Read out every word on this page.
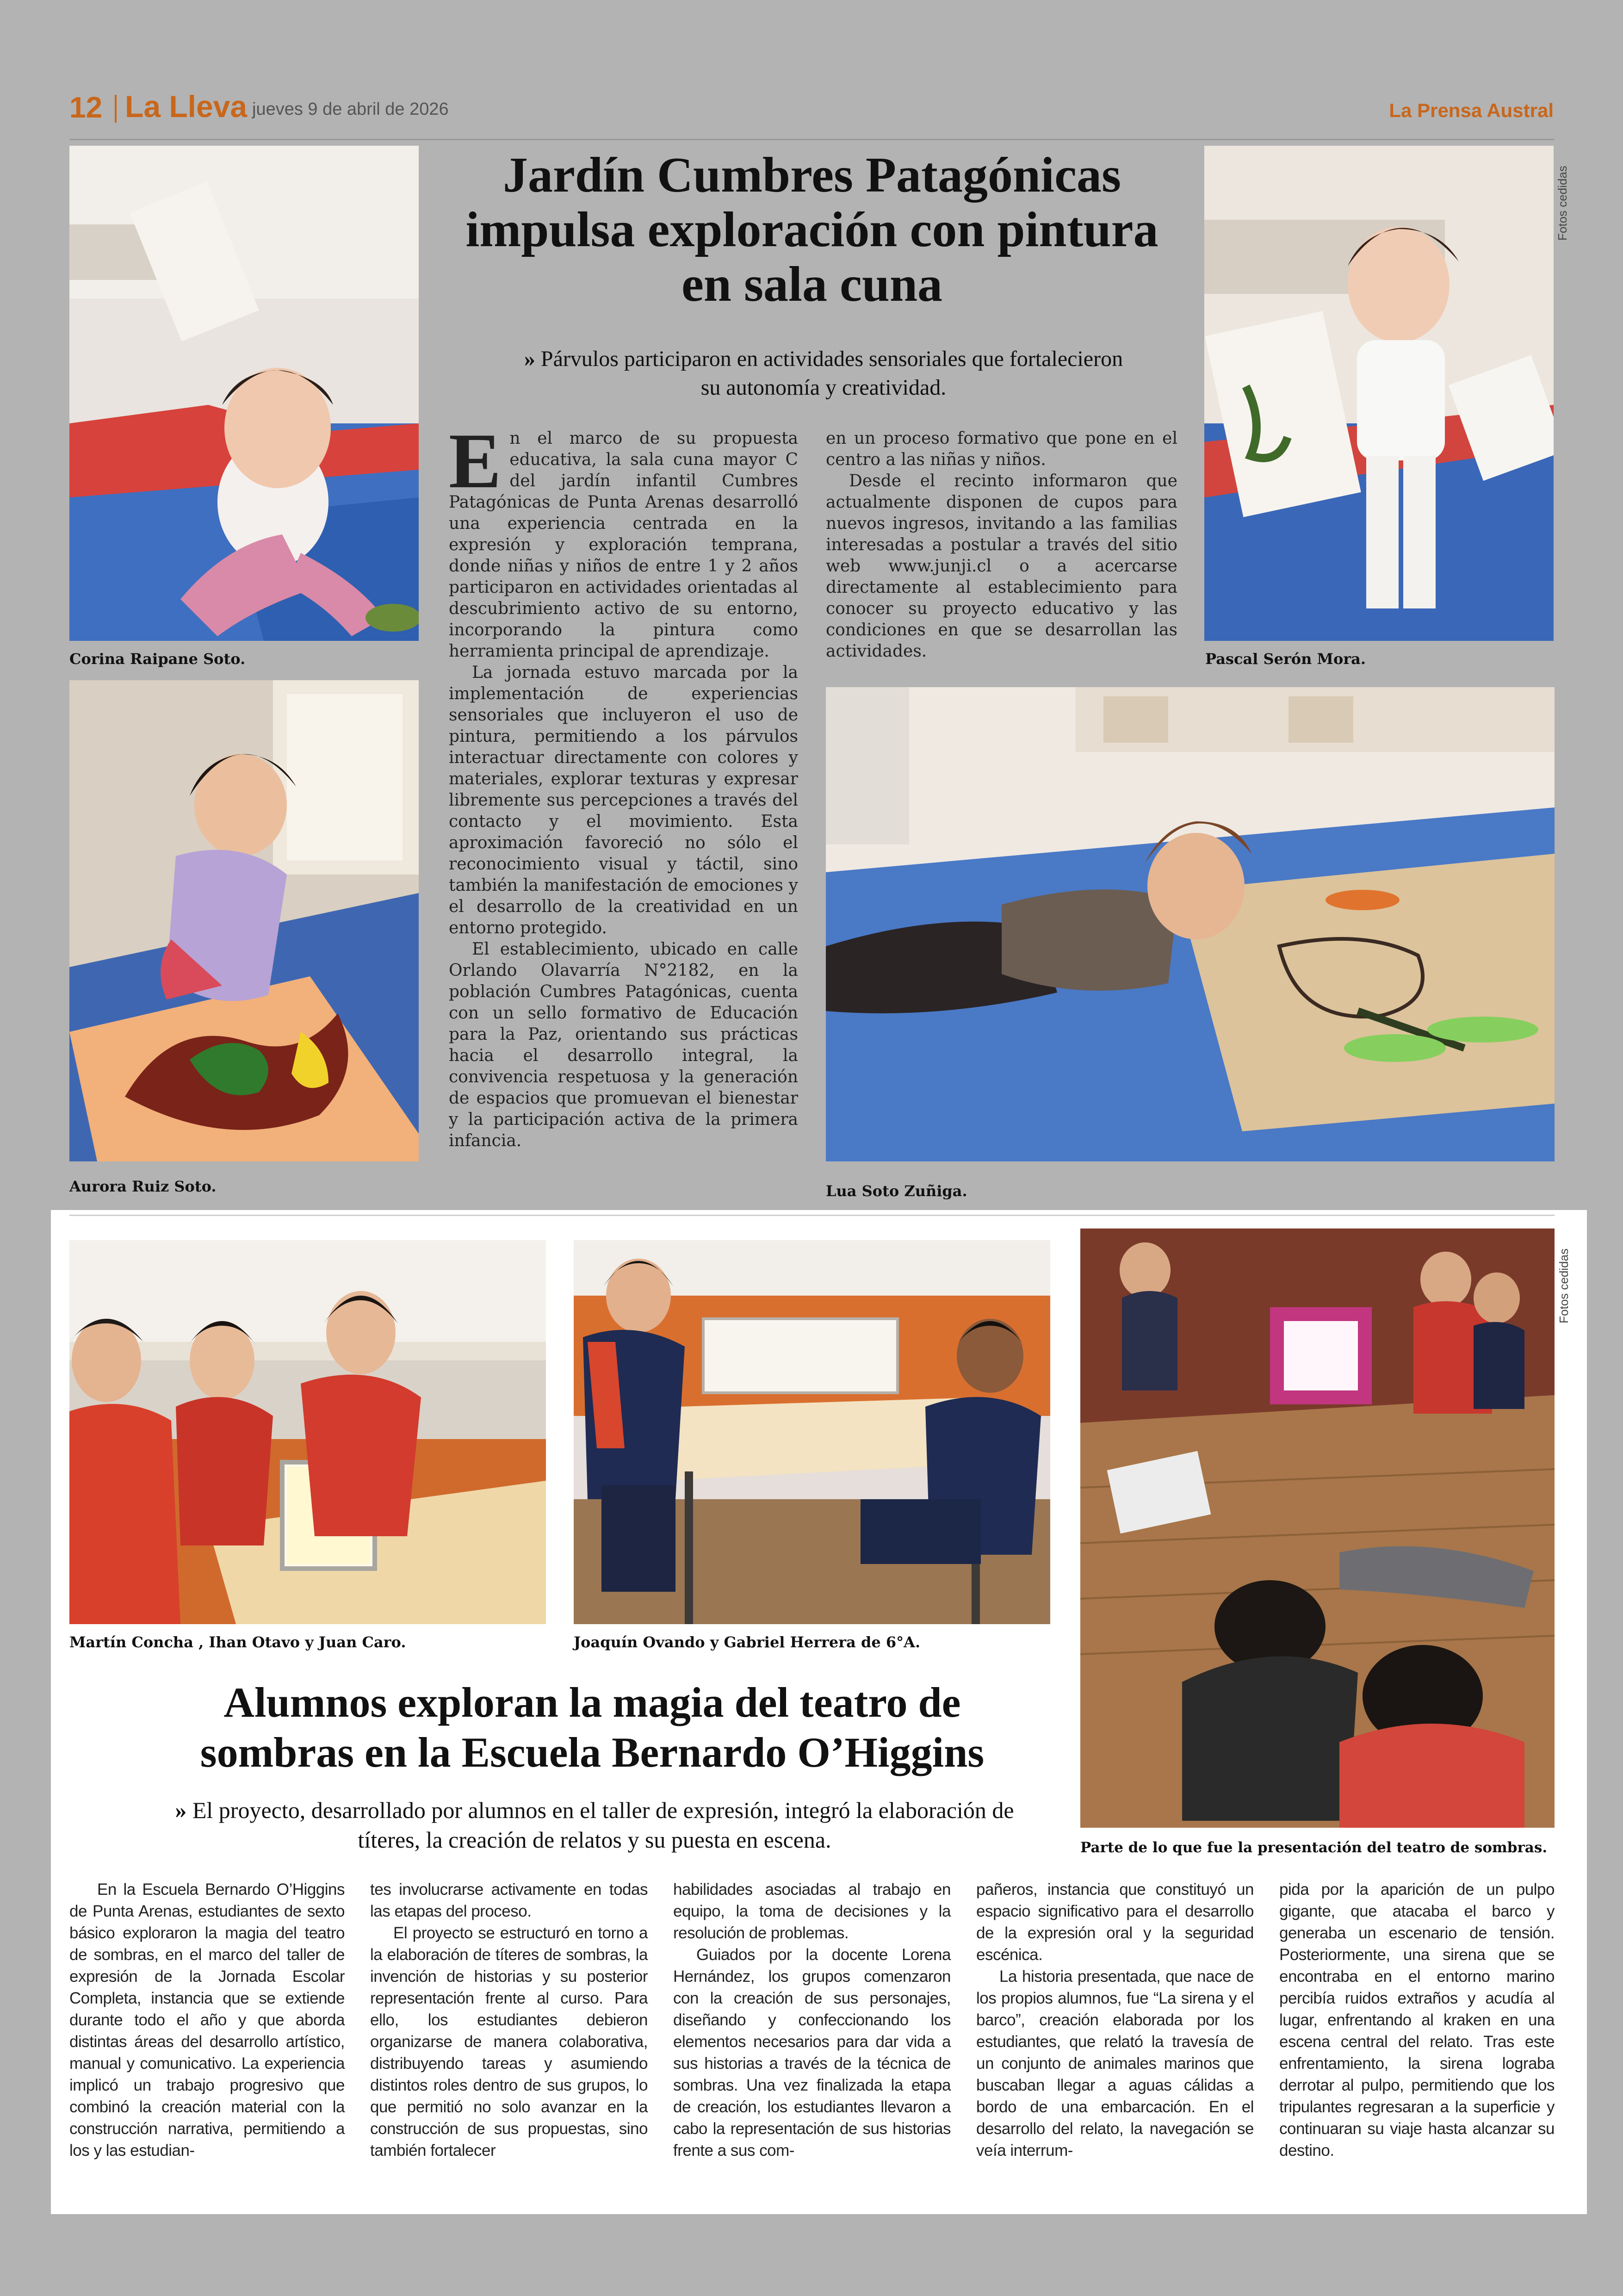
12 La Lleva jueves 9 de abril de 2026	La Prensa Austral
Corina Raipane Soto.
Jardín Cumbres Patagónicas impulsa exploración con pintura en sala cuna
» Párvulos participaron en actividades sensoriales que fortalecieron su autonomía y creatividad.
Fotos cedidas
Pascal Serón Mora.
Aurora Ruiz Soto.

En el marco de su propuesta educativa, la sala cuna mayor C del jardín infantil Cumbres Patagónicas de Punta Arenas desarrolló una experiencia centrada en la expresión y exploración temprana, donde niñas y niños de entre 1 y 2 años participaron en actividades orientadas al descubrimiento activo de su entorno, incorporando la pintura como herramienta principal de aprendizaje.

La jornada estuvo marcada por la implementación de experiencias sensoriales que incluyeron el uso de pintura, permitiendo a los párvulos interactuar directamente con colores y materiales, explorar texturas y expresar libremente sus percepciones a través del contacto y el movimiento. Esta aproximación favoreció no sólo el reconocimiento visual y táctil, sino también la manifestación de emociones y el desarrollo de la creatividad en un entorno protegido.

El establecimiento, ubicado en calle Orlando Olavarría N°2182, en la población Cumbres Patagónicas, cuenta con un sello formativo de Educación para la Paz, orientando sus prácticas hacia el desarrollo integral, la convivencia respetuosa y la generación de espacios que promuevan el bienestar y la participación activa de la primera infancia.

en un proceso formativo que pone en el centro a las niñas y niños.

Desde el recinto informaron que actualmente disponen de cupos para nuevos ingresos, invitando a las familias interesadas a postular a través del sitio web www.junji.cl o a acercarse directamente al establecimiento para conocer su proyecto educativo y las condiciones en que se desarrollan las actividades.

Lua Soto Zuñiga.
Martín Concha , Ihan Otavo y Juan Caro.	Joaquín Ovando y Gabriel Herrera de 6°A.
Fotos cedidas
Parte de lo que fue la presentación del teatro de sombras.
Alumnos exploran la magia del teatro de sombras en la Escuela Bernardo O’Higgins
» El proyecto, desarrollado por alumnos en el taller de expresión, integró la elaboración de títeres, la creación de relatos y su puesta en escena.

En la Escuela Bernardo O’Higgins de Punta Arenas, estudiantes de sexto básico exploraron la magia del teatro de sombras, en el marco del taller de expresión de la Jornada Escolar Completa, instancia que se extiende durante todo el año y que aborda distintas áreas del desarrollo artístico, manual y comunicativo. La experiencia implicó un trabajo progresivo que combinó la creación material con la construcción narrativa, permitiendo a los y las estudian-

tes involucrarse activamente en todas las etapas del proceso.

El proyecto se estructuró en torno a la elaboración de títeres de sombras, la invención de historias y su posterior representación frente al curso. Para ello, los estudiantes debieron organizarse de manera colaborativa, distribuyendo tareas y asumiendo distintos roles dentro de sus grupos, lo que permitió no solo avanzar en la construcción de sus propuestas, sino también fortalecer

habilidades asociadas al trabajo en equipo, la toma de decisiones y la resolución de problemas.

Guiados por la docente Lorena Hernández, los grupos comenzaron con la creación de sus personajes, diseñando y confeccionando los elementos necesarios para dar vida a sus historias a través de la técnica de sombras. Una vez finalizada la etapa de creación, los estudiantes llevaron a cabo la representación de sus historias frente a sus com-

pañeros, instancia que constituyó un espacio significativo para el desarrollo de la expresión oral y la seguridad escénica.

La historia presentada, que nace de los propios alumnos, fue “La sirena y el barco”, creación elaborada por los estudiantes, que relató la travesía de un conjunto de animales marinos que buscaban llegar a aguas cálidas a bordo de una embarcación. En el desarrollo del relato, la navegación se veía interrum-

pida por la aparición de un pulpo gigante, que atacaba el barco y generaba un escenario de tensión. Posteriormente, una sirena que se encontraba en el entorno marino percibía ruidos extraños y acudía al lugar, enfrentando al kraken en una escena central del relato. Tras este enfrentamiento, la sirena lograba derrotar al pulpo, permitiendo que los tripulantes regresaran a la superficie y continuaran su viaje hasta alcanzar su destino.
